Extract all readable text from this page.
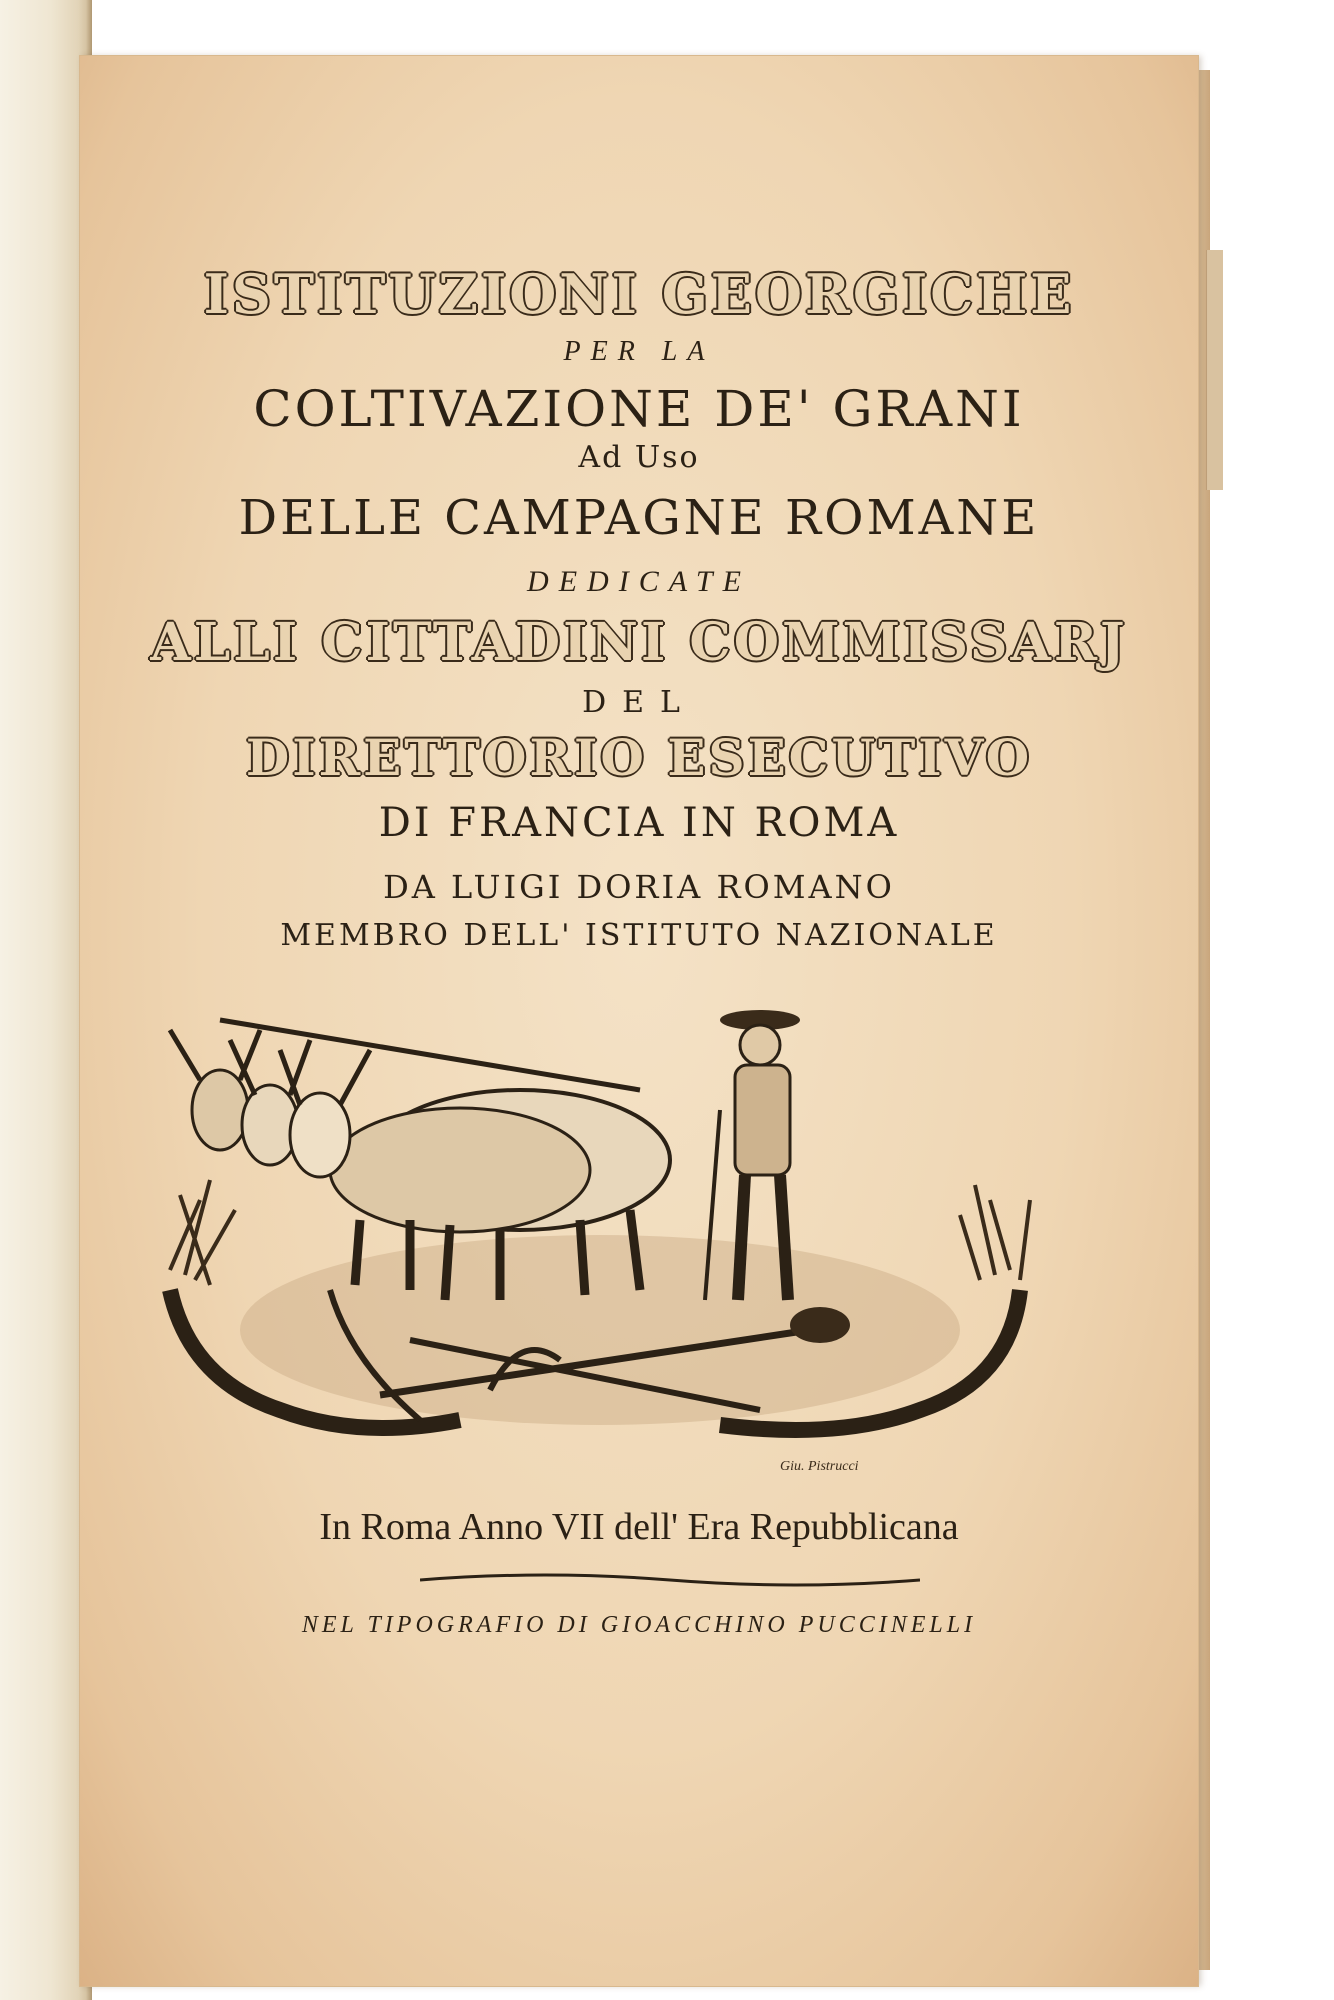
ISTITUZIONI GEORGICHE
PER LA
COLTIVAZIONE DE' GRANI
Ad Uso
DELLE CAMPAGNE ROMANE
DEDICATE
ALLI CITTADINI COMMISSARJ
DEL
DIRETTORIO ESECUTIVO
DI FRANCIA IN ROMA
DA LUIGI DORIA ROMANO
MEMBRO DELL' ISTITUTO NAZIONALE
Giu. Pistrucci
In Roma Anno VII dell' Era Repubblicana
NEL TIPOGRAFIO DI GIOACCHINO PUCCINELLI
